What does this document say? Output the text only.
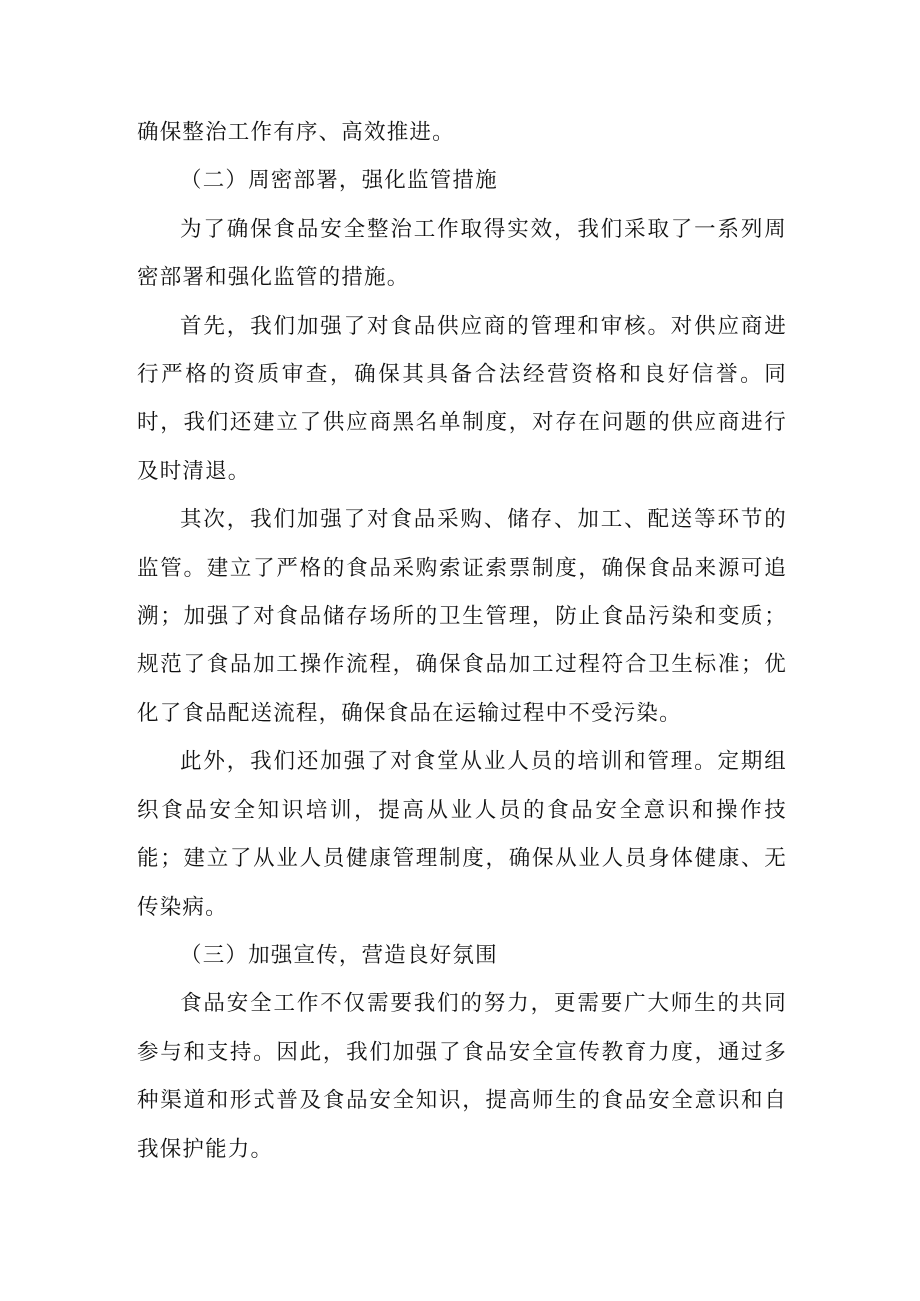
确保整治工作有序、高效推进。

（二）周密部署，强化监管措施

为了确保食品安全整治工作取得实效，我们采取了一系列周密部署和强化监管的措施。

首先，我们加强了对食品供应商的管理和审核。对供应商进行严格的资质审查，确保其具备合法经营资格和良好信誉。同时，我们还建立了供应商黑名单制度，对存在问题的供应商进行及时清退。

其次，我们加强了对食品采购、储存、加工、配送等环节的监管。建立了严格的食品采购索证索票制度，确保食品来源可追溯；加强了对食品储存场所的卫生管理，防止食品污染和变质；规范了食品加工操作流程，确保食品加工过程符合卫生标准；优化了食品配送流程，确保食品在运输过程中不受污染。

此外，我们还加强了对食堂从业人员的培训和管理。定期组织食品安全知识培训，提高从业人员的食品安全意识和操作技能；建立了从业人员健康管理制度，确保从业人员身体健康、无传染病。

（三）加强宣传，营造良好氛围

食品安全工作不仅需要我们的努力，更需要广大师生的共同参与和支持。因此，我们加强了食品安全宣传教育力度，通过多种渠道和形式普及食品安全知识，提高师生的食品安全意识和自我保护能力。
